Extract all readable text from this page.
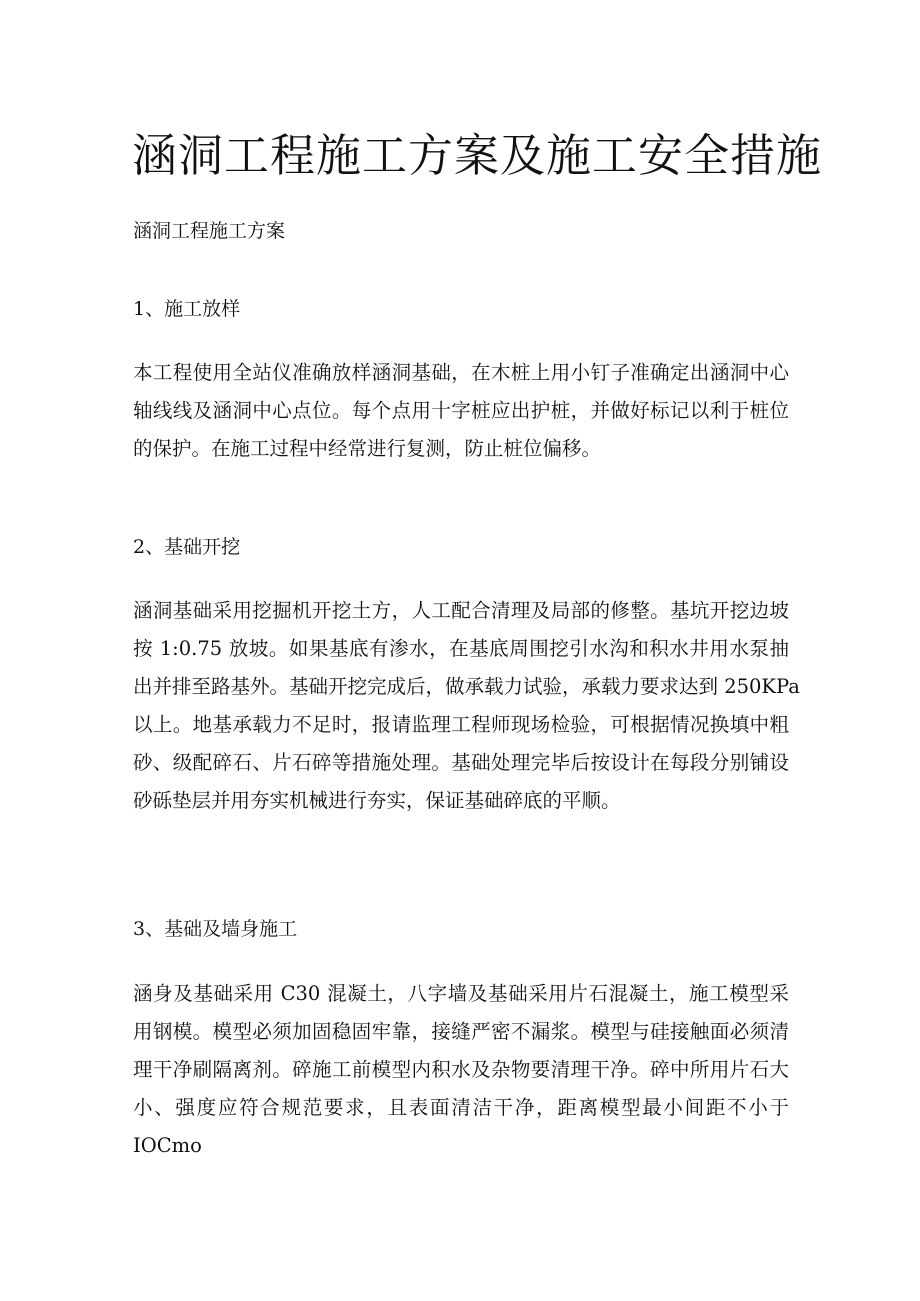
涵洞工程施工方案及施工安全措施

涵洞工程施工方案

1、施工放样

本工程使用全站仪准确放样涵洞基础，在木桩上用小钉子准确定出涵洞中心
轴线线及涵洞中心点位。每个点用十字桩应出护桩，并做好标记以利于桩位
的保护。在施工过程中经常进行复测，防止桩位偏移。

2、基础开挖

涵洞基础采用挖掘机开挖土方，人工配合清理及局部的修整。基坑开挖边坡
按 1:0.75 放坡。如果基底有渗水，在基底周围挖引水沟和积水井用水泵抽
出并排至路基外。基础开挖完成后，做承载力试验，承载力要求达到 250KPa
以上。地基承载力不足时，报请监理工程师现场检验，可根据情况换填中粗
砂、级配碎石、片石碎等措施处理。基础处理完毕后按设计在每段分别铺设
砂砾垫层并用夯实机械进行夯实，保证基础碎底的平顺。

3、基础及墙身施工

涵身及基础采用 C30 混凝土，八字墙及基础采用片石混凝土，施工模型采
用钢模。模型必须加固稳固牢靠，接缝严密不漏浆。模型与硅接触面必须清
理干净刷隔离剂。碎施工前模型内积水及杂物要清理干净。碎中所用片石大
小、强度应符合规范要求，且表面清洁干净，距离模型最小间距不小于
IOCmo
